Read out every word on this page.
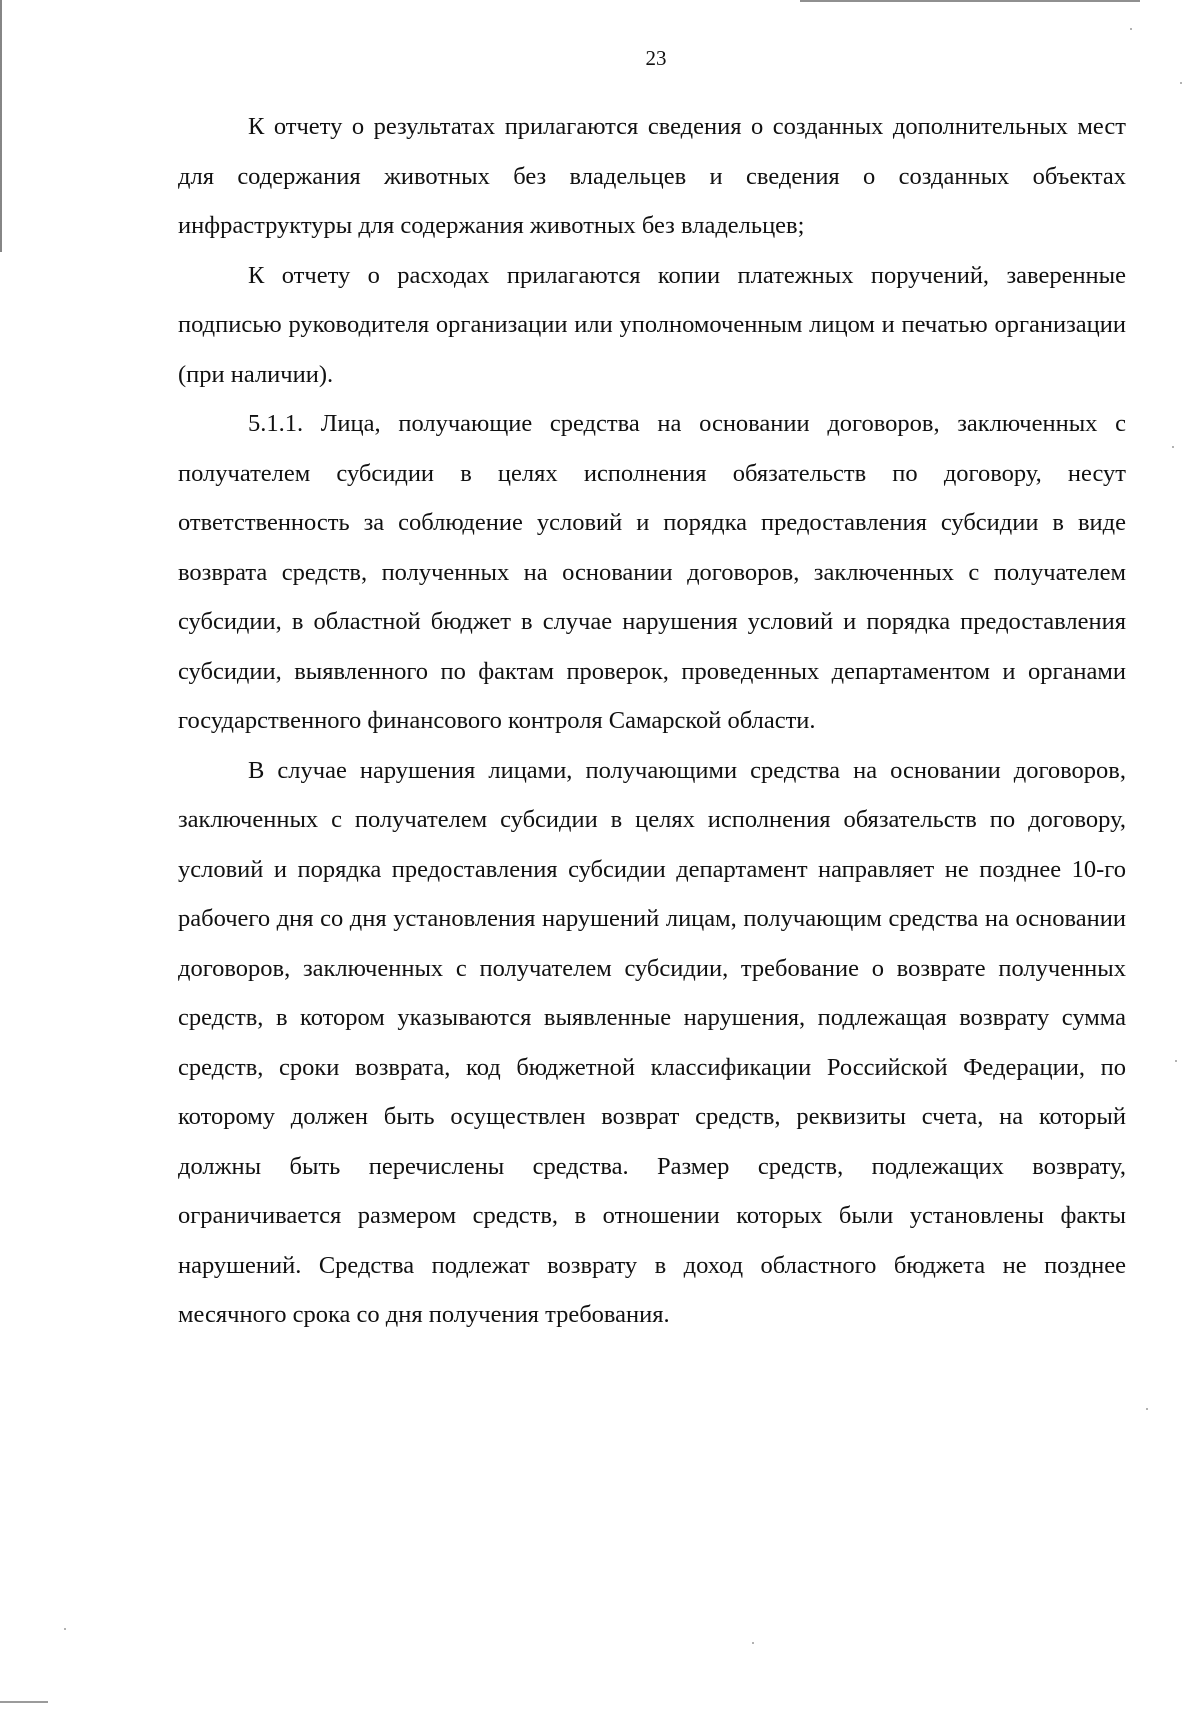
23

К отчету о результатах прилагаются сведения о созданных дополнительных мест для содержания животных без владельцев и сведения о созданных объектах инфраструктуры для содержания животных без владельцев;

К отчету о расходах прилагаются копии платежных поручений, заверенные подписью руководителя организации или уполномоченным лицом и печатью организации (при наличии).

5.1.1. Лица, получающие средства на основании договоров, заключенных с получателем субсидии в целях исполнения обязательств по договору, несут ответственность за соблюдение условий и порядка предоставления субсидии в виде возврата средств, полученных на основании договоров, заключенных с получателем субсидии, в областной бюджет в случае нарушения условий и порядка предоставления субсидии, выявленного по фактам проверок, проведенных департаментом и органами государственного финансового контроля Самарской области.

В случае нарушения лицами, получающими средства на основании договоров, заключенных с получателем субсидии в целях исполнения обязательств по договору, условий и порядка предоставления субсидии департамент направляет не позднее 10-го рабочего дня со дня установления нарушений лицам, получающим средства на основании договоров, заключенных с получателем субсидии, требование о возврате полученных средств, в котором указываются выявленные нарушения, подлежащая возврату сумма средств, сроки возврата, код бюджетной классификации Российской Федерации, по которому должен быть осуществлен возврат средств, реквизиты счета, на который должны быть перечислены средства. Размер средств, подлежащих возврату, ограничивается размером средств, в отношении которых были установлены факты нарушений. Средства подлежат возврату в доход областного бюджета не позднее месячного срока со дня получения требования.
